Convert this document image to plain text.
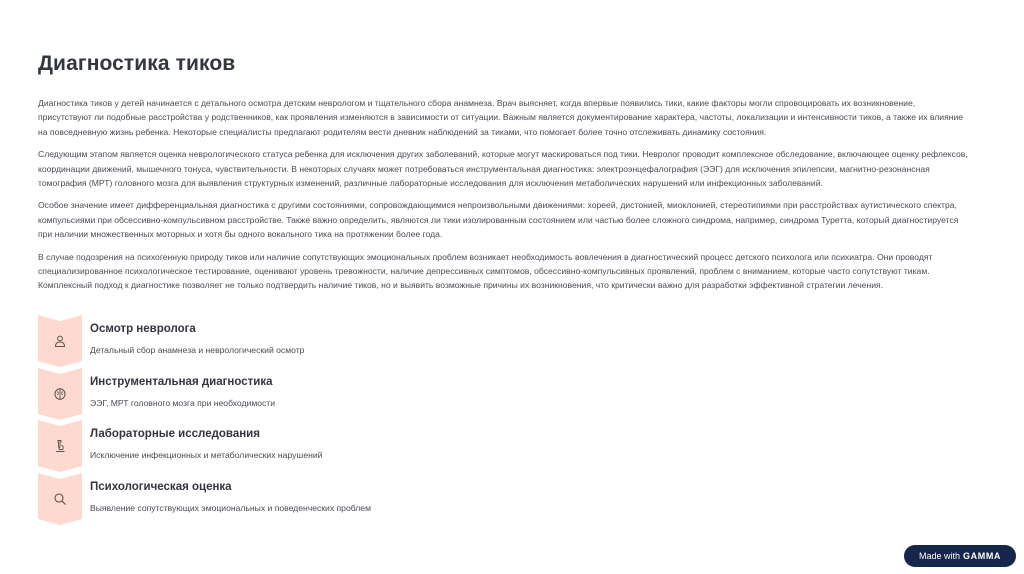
Диагностика тиков

Диагностика тиков у детей начинается с детального осмотра детским неврологом и тщательного сбора анамнеза. Врач выясняет, когда впервые появились тики, какие факторы могли спровоцировать их возникновение, присутствуют ли подобные расстройства у родственников, как проявления изменяются в зависимости от ситуации. Важным является документирование характера, частоты, локализации и интенсивности тиков, а также их влияние на повседневную жизнь ребенка. Некоторые специалисты предлагают родителям вести дневник наблюдений за тиками, что помогает более точно отслеживать динамику состояния.

Следующим этапом является оценка неврологического статуса ребенка для исключения других заболеваний, которые могут маскироваться под тики. Невролог проводит комплексное обследование, включающее оценку рефлексов, координации движений, мышечного тонуса, чувствительности. В некоторых случаях может потребоваться инструментальная диагностика: электроэнцефалография (ЭЭГ) для исключения эпилепсии, магнитно-резонансная томография (МРТ) головного мозга для выявления структурных изменений, различные лабораторные исследования для исключения метаболических нарушений или инфекционных заболеваний.

Особое значение имеет дифференциальная диагностика с другими состояниями, сопровождающимися непроизвольными движениями: хореей, дистонией, миоклонией, стереотипиями при расстройствах аутистического спектра, компульсиями при обсессивно-компульсивном расстройстве. Также важно определить, являются ли тики изолированным состоянием или частью более сложного синдрома, например, синдрома Туретта, который диагностируется при наличии множественных моторных и хотя бы одного вокального тика на протяжении более года.

В случае подозрения на психогенную природу тиков или наличие сопутствующих эмоциональных проблем возникает необходимость вовлечения в диагностический процесс детского психолога или психиатра. Они проводят специализированное психологическое тестирование, оценивают уровень тревожности, наличие депрессивных симптомов, обсессивно-компульсивных проявлений, проблем с вниманием, которые часто сопутствуют тикам. Комплексный подход к диагностике позволяет не только подтвердить наличие тиков, но и выявить возможные причины их возникновения, что критически важно для разработки эффективной стратегии лечения.

Осмотр невролога
Детальный сбор анамнеза и неврологический осмотр
Инструментальная диагностика
ЭЭГ, МРТ головного мозга при необходимости
Лабораторные исследования
Исключение инфекционных и метаболических нарушений
Психологическая оценка
Выявление сопутствующих эмоциональных и поведенческих проблем
Made with GAMMA
